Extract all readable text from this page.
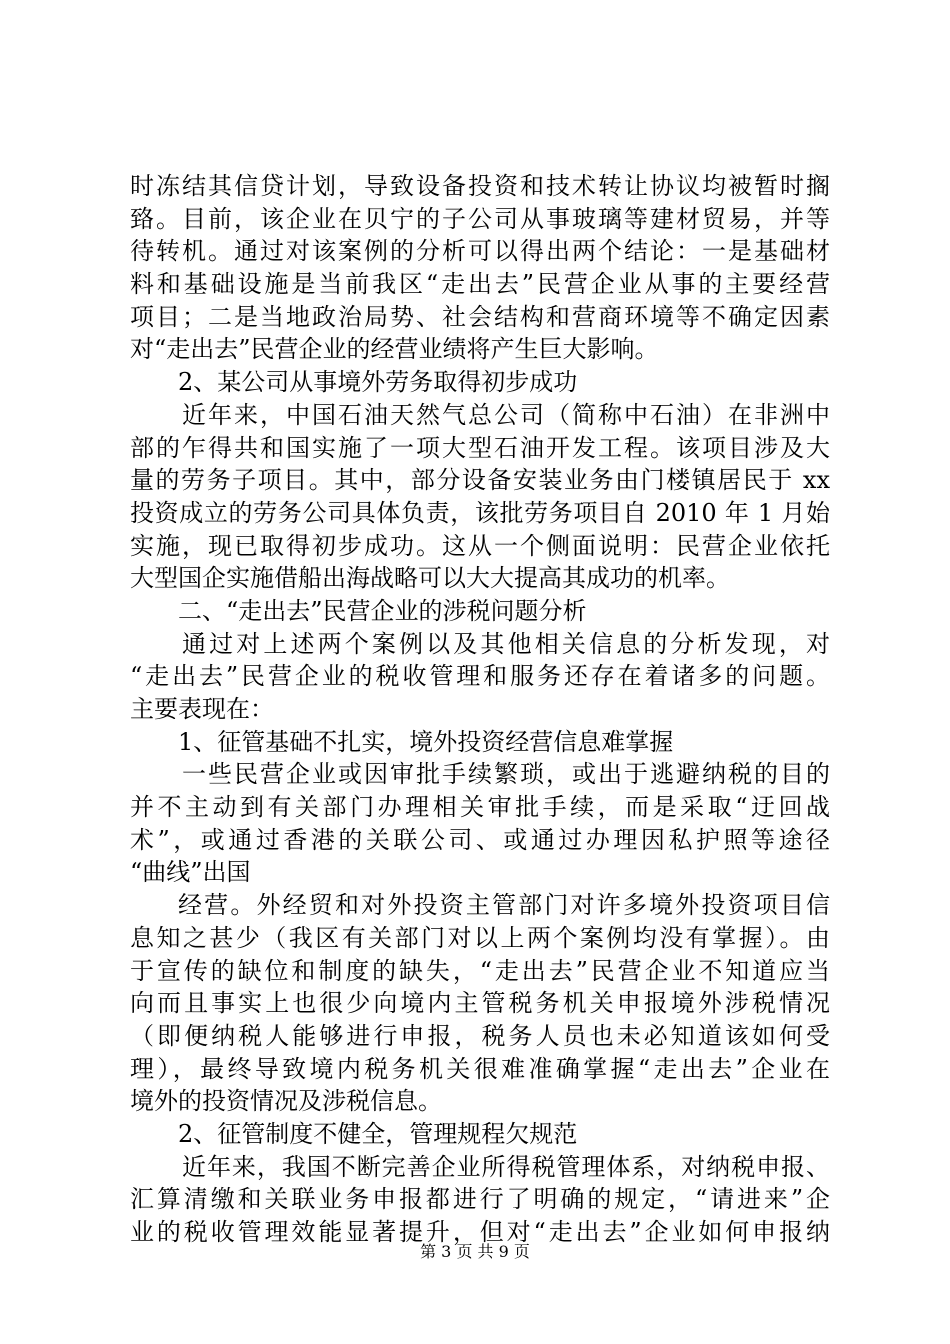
时冻结其信贷计划，导致设备投资和技术转让协议均被暂时搁
臵。目前，该企业在贝宁的子公司从事玻璃等建材贸易，并等
待转机。通过对该案例的分析可以得出两个结论：一是基础材
料和基础设施是当前我区“走出去”民营企业从事的主要经营
项目；二是当地政治局势、社会结构和营商环境等不确定因素
对“走出去”民营企业的经营业绩将产生巨大影响。
2、某公司从事境外劳务取得初步成功
近年来，中国石油天然气总公司（简称中石油）在非洲中
部的乍得共和国实施了一项大型石油开发工程。该项目涉及大
量的劳务子项目。其中，部分设备安装业务由门楼镇居民于 xx
投资成立的劳务公司具体负责，该批劳务项目自 2010 年 1 月始
实施，现已取得初步成功。这从一个侧面说明：民营企业依托
大型国企实施借船出海战略可以大大提高其成功的机率。
二、“走出去”民营企业的涉税问题分析
通过对上述两个案例以及其他相关信息的分析发现，对
“走出去”民营企业的税收管理和服务还存在着诸多的问题。
主要表现在：
1、征管基础不扎实，境外投资经营信息难掌握
一些民营企业或因审批手续繁琐，或出于逃避纳税的目的
并不主动到有关部门办理相关审批手续，而是采取“迂回战
术”，或通过香港的关联公司、或通过办理因私护照等途径
“曲线”出国
经营。外经贸和对外投资主管部门对许多境外投资项目信
息知之甚少（我区有关部门对以上两个案例均没有掌握）。由
于宣传的缺位和制度的缺失，“走出去”民营企业不知道应当
向而且事实上也很少向境内主管税务机关申报境外涉税情况
（即便纳税人能够进行申报，税务人员也未必知道该如何受
理），最终导致境内税务机关很难准确掌握“走出去”企业在
境外的投资情况及涉税信息。
2、征管制度不健全，管理规程欠规范
近年来，我国不断完善企业所得税管理体系，对纳税申报、
汇算清缴和关联业务申报都进行了明确的规定，“请进来”企
业的税收管理效能显著提升，但对“走出去”企业如何申报纳
第 3 页 共 9 页
